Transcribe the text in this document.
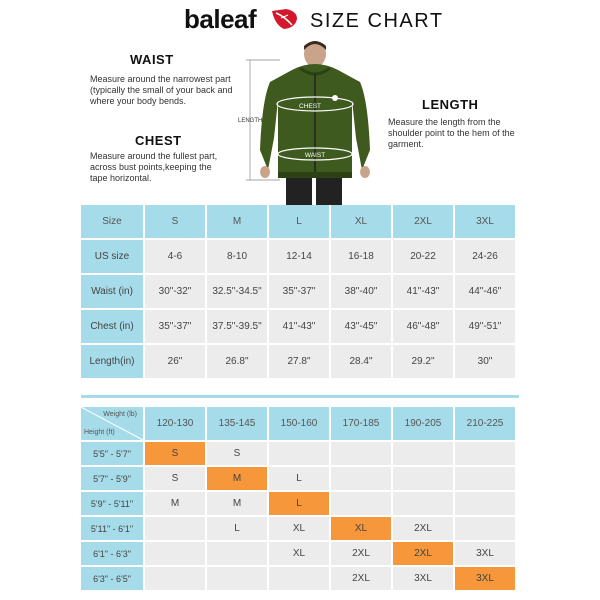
baleaf	SIZE CHART
WAIST

Measure around the narrowest part (typically the small of your back and where your body bends.

CHEST

Measure around the fullest part, across bust points,keeping the tape horizontal.

LENGTH

Measure the length from the shoulder point to the hem of the garment.

CHEST
WAIST
LENGTH
Size	S	M	L	XL	2XL	3XL
US size	4-6	8-10	12-14	16-18	20-22	24-26
Waist (in)	30"-32"	32.5"-34.5"	35"-37"	38"-40"	41"-43"	44"-46"
Chest (in)	35"-37"	37.5"-39.5"	41"-43"	43"-45"	46"-48"	49"-51"
Length(in)	26"	26.8"	27.8"	28.4"	29.2"	30"
Weight (lb)
Height (ft)	120-130	135-145	150-160	170-185	190-205	210-225
5'5" - 5'7"	S	S				
5'7" - 5'9"	S	M	L			
5'9" - 5'11"	M	M	L			
5'11" - 6'1"		L	XL	XL	2XL	
6'1" - 6'3"			XL	2XL	2XL	3XL
6'3" - 6'5"				2XL	3XL	3XL
